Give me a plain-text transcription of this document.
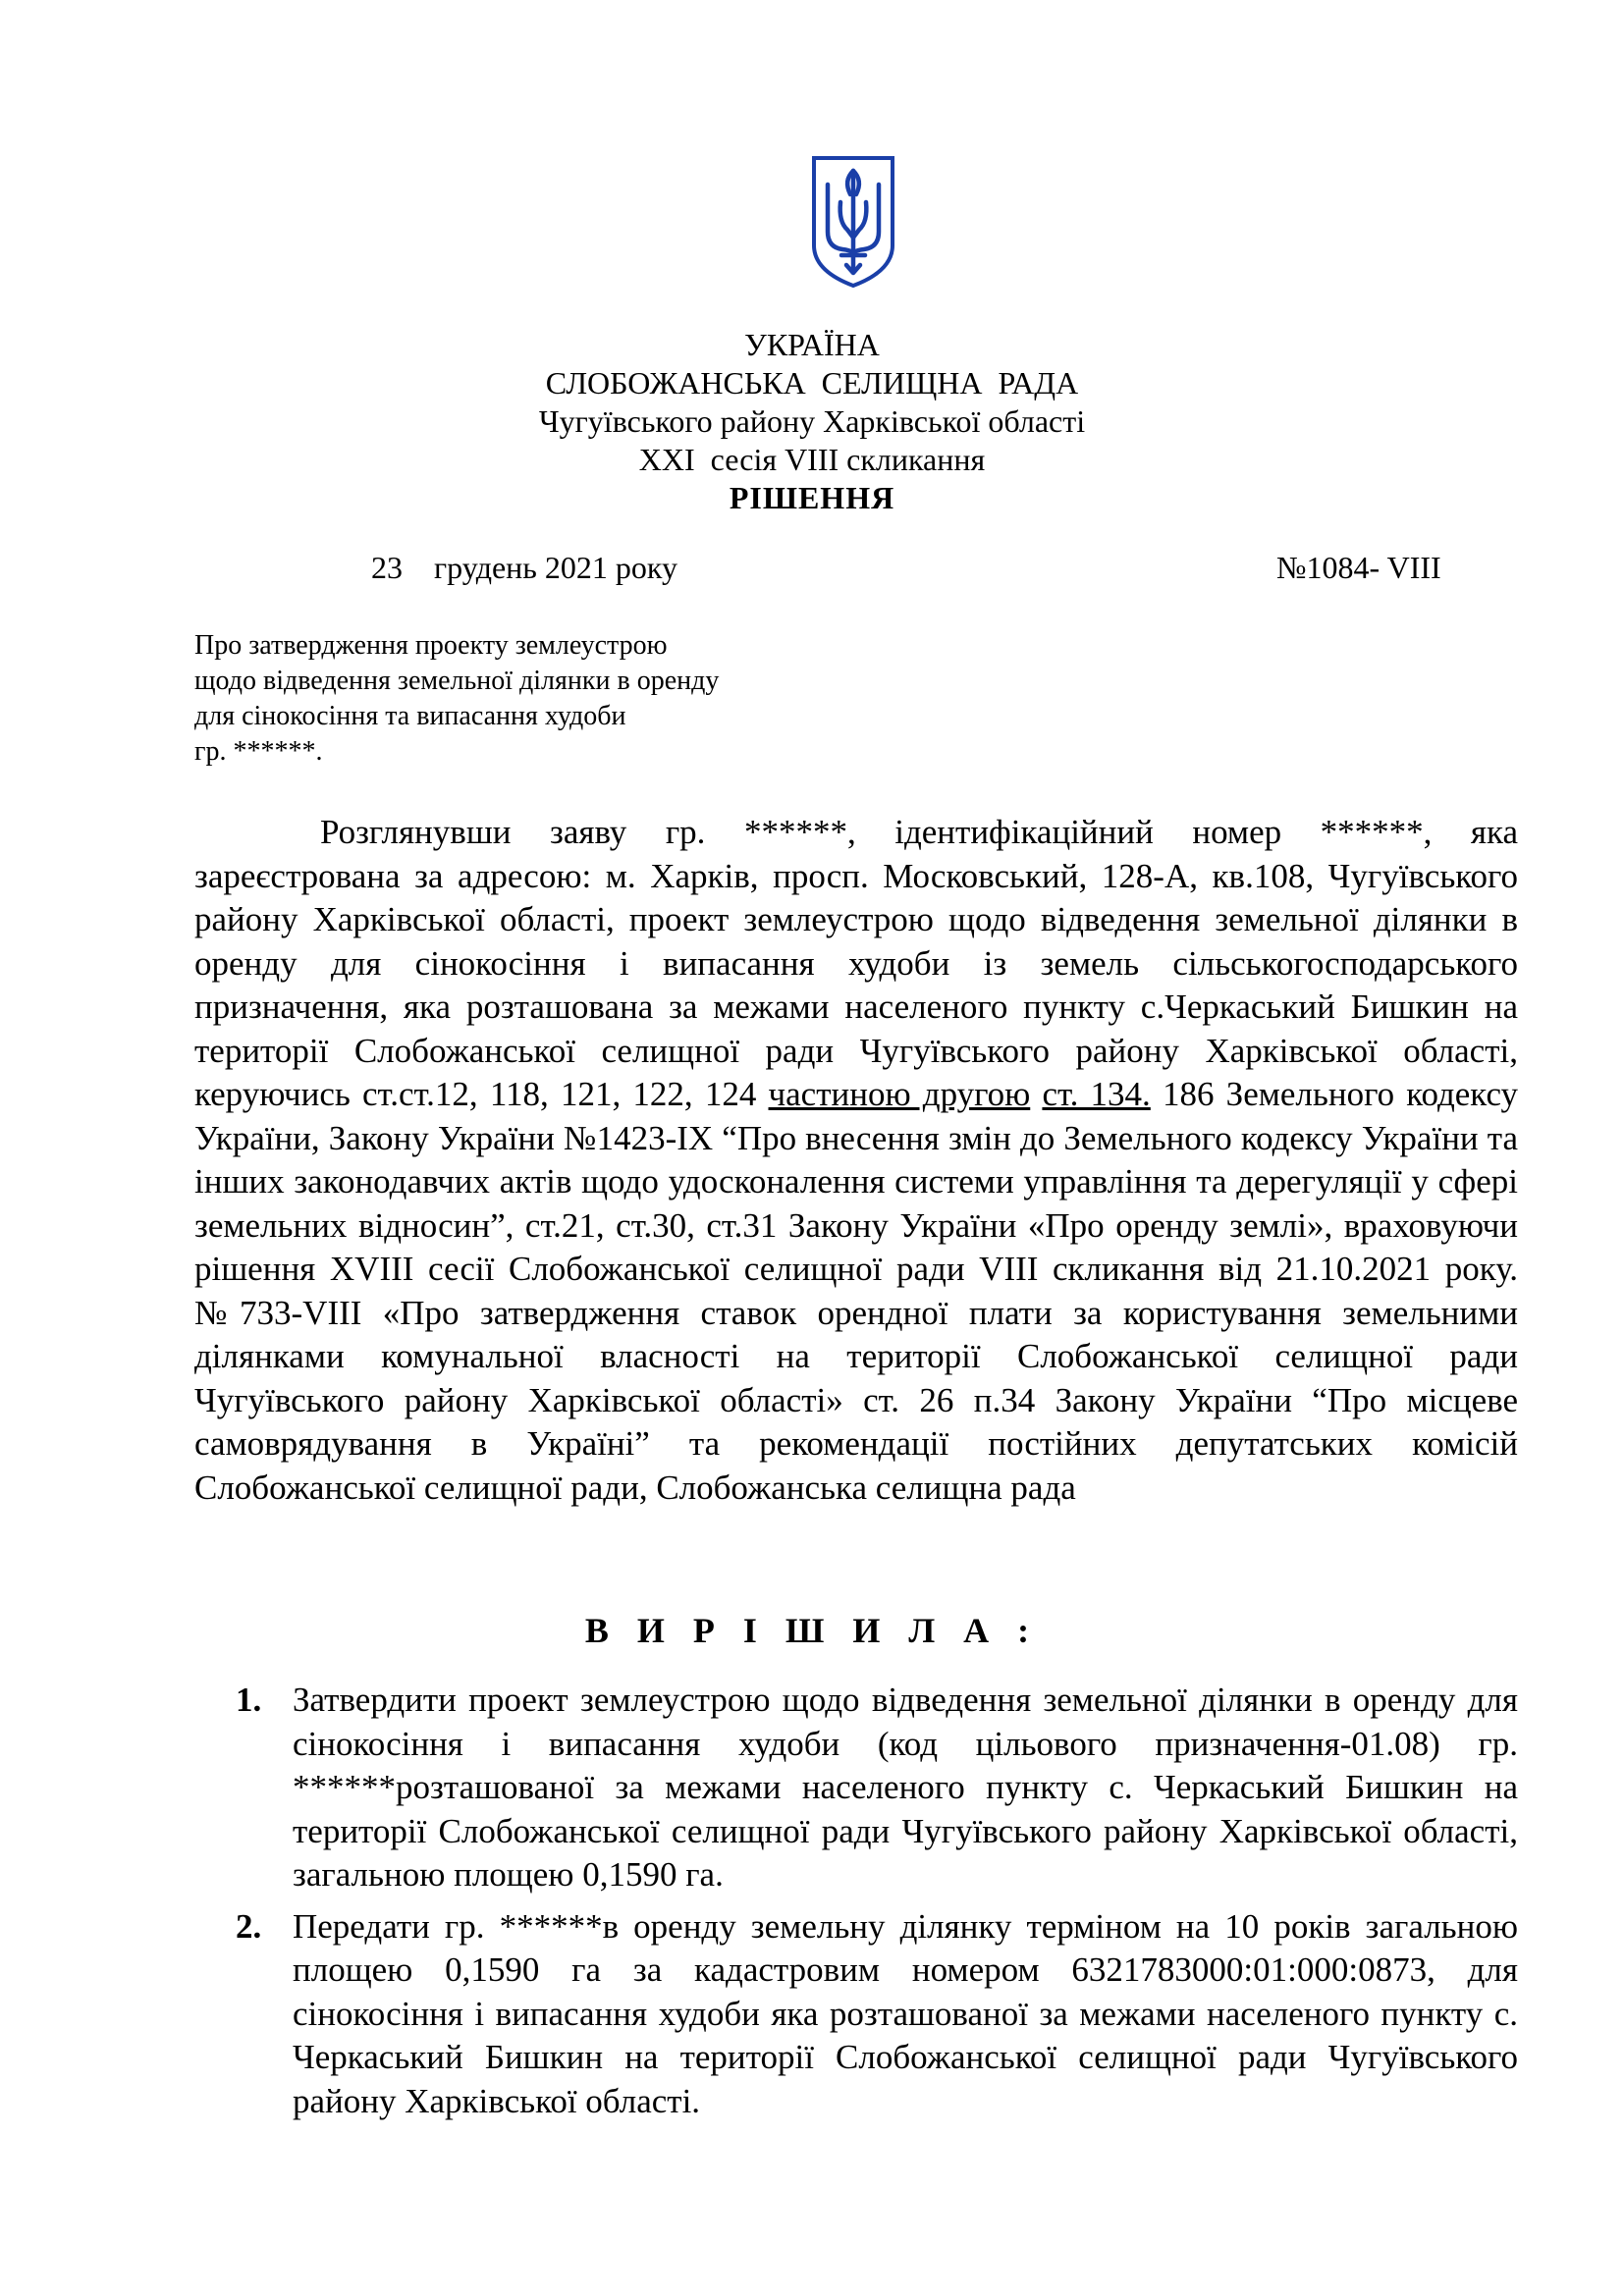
УКРАЇНА
СЛОБОЖАНСЬКА  СЕЛИЩНА  РАДА
Чугуївського району Харківської області
XXI  сесія VIII скликання
РІШЕННЯ
23    грудень 2021 року	№1084- VIII
Про затвердження проекту землеустрою
щодо відведення земельної ділянки в оренду
для сінокосіння та випасання худоби
гр. ******.
Розглянувши заяву гр. ******, ідентифікаційний номер ******, яка зареєстрована за адресою: м. Харків, просп. Московський, 128-А, кв.108, Чугуївського району Харківської області, проект землеустрою щодо відведення земельної ділянки в оренду для сінокосіння і випасання худоби із земель сільськогосподарського призначення, яка розташована за межами населеного пункту с.Черкаський Бишкин на території Слобожанської селищної ради Чугуївського району Харківської області, керуючись ст.ст.12, 118, 121, 122, 124 частиною другою ст. 134. 186 Земельного кодексу України, Закону України №1423-IX “Про внесення змін до Земельного кодексу України та інших законодавчих актів щодо удосконалення системи управління та дерегуляції у сфері земельних відносин”, ст.21, ст.30, ст.31 Закону України «Про оренду землі», враховуючи рішення XVIII сесії Слобожанської селищної ради VIII скликання від 21.10.2021 року. №733-VIII «Про затвердження ставок орендної плати за користування земельними ділянками комунальної власності на території Слобожанської селищної ради Чугуївського району Харківської області» ст. 26 п.34 Закону України “Про місцеве самоврядування в Україні” та рекомендації постійних депутатських комісій Слобожанської селищної ради, Слобожанська селищна рада
В И Р І Ш И Л А :
1. Затвердити проект землеустрою щодо відведення земельної ділянки в оренду для сінокосіння і випасання худоби (код цільового призначення-01.08) гр. ******розташованої за межами населеного пункту с. Черкаський Бишкин на території Слобожанської селищної ради Чугуївського району Харківської області, загальною площею 0,1590 га.
2. Передати гр. ******в оренду земельну ділянку терміном на 10 років загальною площею 0,1590 га за кадастровим номером 6321783000:01:000:0873, для сінокосіння і випасання худоби яка розташованої за межами населеного пункту с. Черкаський Бишкин на території Слобожанської селищної ради Чугуївського району Харківської області.
